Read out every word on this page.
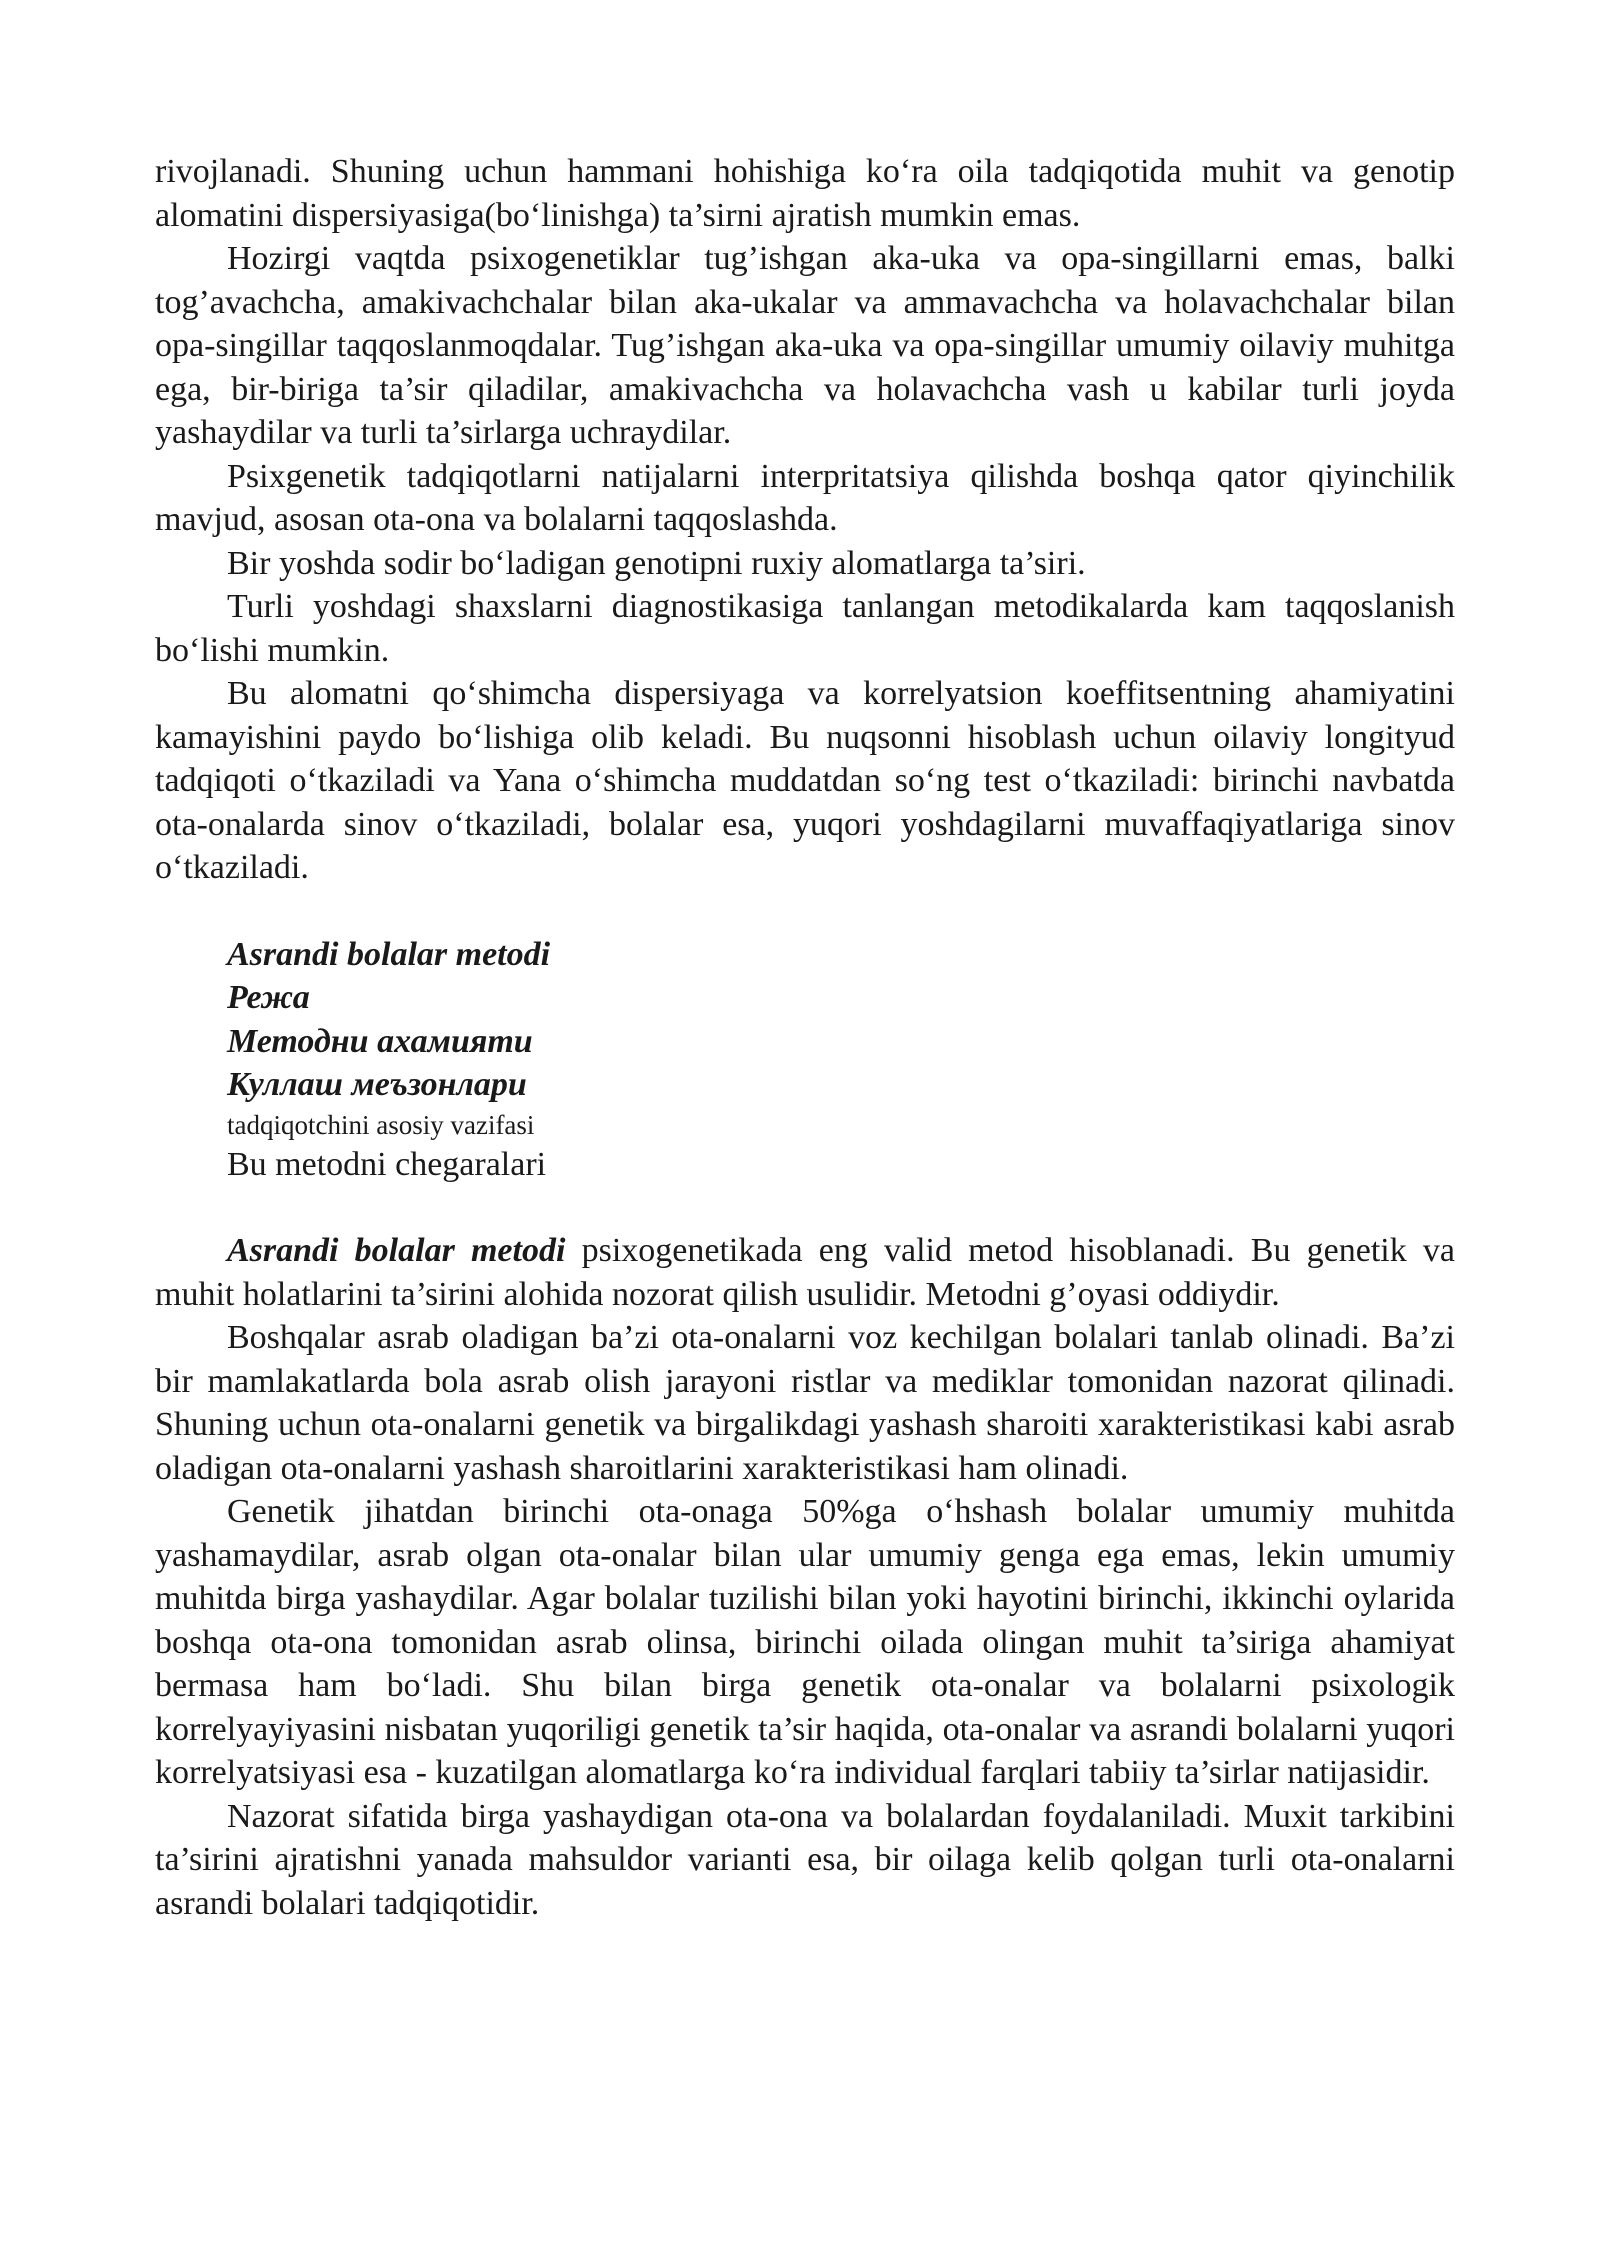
rivojlanadi. Shuning uchun hammani hohishiga ko‘ra oila tadqiqotida muhit va genotip alomatini dispersiyasiga(bo‘linishga) ta’sirni ajratish mumkin emas.

Hozirgi vaqtda psixogenetiklar tug’ishgan aka-uka va opa-singillarni emas, balki tog’avachcha, amakivachchalar bilan aka-ukalar va ammavachcha va holavachchalar bilan opa-singillar taqqoslanmoqdalar. Tug’ishgan aka-uka va opa-singillar umumiy oilaviy muhitga ega, bir-biriga ta’sir qiladilar, amakivachcha va holavachcha vash u kabilar turli joyda yashaydilar va turli ta’sirlarga uchraydilar.

Psixgenetik tadqiqotlarni natijalarni interpritatsiya qilishda boshqa qator qiyinchilik mavjud, asosan ota-ona va bolalarni taqqoslashda.

Bir yoshda sodir bo‘ladigan genotipni ruxiy alomatlarga ta’siri.

Turli yoshdagi shaxslarni diagnostikasiga tanlangan metodikalarda kam taqqoslanish bo‘lishi mumkin.

Bu alomatni qo‘shimcha dispersiyaga va korrelyatsion koeffitsentning ahamiyatini kamayishini paydo bo‘lishiga olib keladi. Bu nuqsonni hisoblash uchun oilaviy longityud tadqiqoti o‘tkaziladi va Yana o‘shimcha muddatdan so‘ng test o‘tkaziladi: birinchi navbatda ota-onalarda sinov o‘tkaziladi, bolalar esa, yuqori yoshdagilarni muvaffaqiyatlariga sinov o‘tkaziladi.

Asrandi bolalar metodi

Режа

Методни ахамияти

Куллаш меъзонлари

tadqiqotchini asosiy vazifasi

Bu metodni chegaralari

Asrandi bolalar metodi psixogenetikada eng valid metod hisoblanadi. Bu genetik va muhit holatlarini ta’sirini alohida nozorat qilish usulidir. Metodni g’oyasi oddiydir.

Boshqalar asrab oladigan ba’zi ota-onalarni voz kechilgan bolalari tanlab olinadi. Ba’zi bir mamlakatlarda bola asrab olish jarayoni ristlar va mediklar tomonidan nazorat qilinadi. Shuning uchun ota-onalarni genetik va birgalikdagi yashash sharoiti xarakteristikasi kabi asrab oladigan ota-onalarni yashash sharoitlarini xarakteristikasi ham olinadi.

Genetik jihatdan birinchi ota-onaga 50%ga o‘hshash bolalar umumiy muhitda yashamaydilar, asrab olgan ota-onalar bilan ular umumiy genga ega emas, lekin umumiy muhitda birga yashaydilar. Agar bolalar tuzilishi bilan yoki hayotini birinchi, ikkinchi oylarida boshqa ota-ona tomonidan asrab olinsa, birinchi oilada olingan muhit ta’siriga ahamiyat bermasa ham bo‘ladi. Shu bilan birga genetik ota-onalar va bolalarni psixologik korrelyayiyasini nisbatan yuqoriligi genetik ta’sir haqida, ota-onalar va asrandi bolalarni yuqori korrelyatsiyasi esa - kuzatilgan alomatlarga ko‘ra individual farqlari tabiiy ta’sirlar natijasidir.

Nazorat sifatida birga yashaydigan ota-ona va bolalardan foydalaniladi. Muxit tarkibini ta’sirini ajratishni yanada mahsuldor varianti esa, bir oilaga kelib qolgan turli ota-onalarni asrandi bolalari tadqiqotidir.
